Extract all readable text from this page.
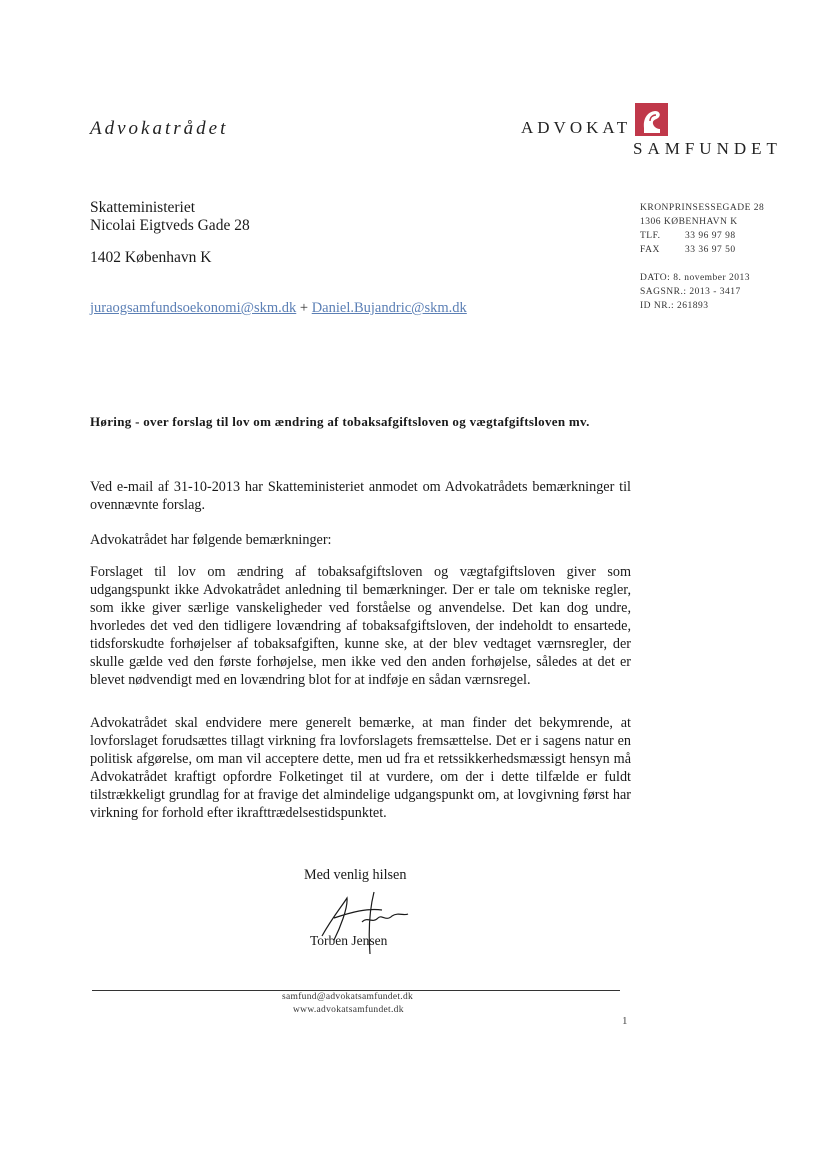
Advokatrådet	ADVOKAT
SAMFUNDET
Skatteministeriet
Nicolai Eigtveds Gade 28
1402 København K
juraogsamfundsoekonomi@skm.dk + Daniel.Bujandric@skm.dk
KRONPRINSESSEGADE 28
1306 KØBENHAVN K
TLF.	33 96 97 98
FAX	33 36 97 50
DATO: 8. november 2013
SAGSNR.: 2013 - 3417
ID NR.: 261893
Høring - over forslag til lov om ændring af tobaksafgiftsloven og vægtafgiftsloven mv.
Ved e-mail af 31-10-2013 har Skatteministeriet anmodet om Advokatrådets bemærkninger til ovennævnte forslag.
Advokatrådet har følgende bemærkninger:
Forslaget til lov om ændring af tobaksafgiftsloven og vægtafgiftsloven giver som udgangspunkt ikke Advokatrådet anledning til bemærkninger. Der er tale om tekniske regler, som ikke giver særlige vanskeligheder ved forståelse og anvendelse. Det kan dog undre, hvorledes det ved den tidligere lovændring af tobaksafgiftsloven, der indeholdt to ensartede, tidsforskudte forhøjelser af tobaksafgiften, kunne ske, at der blev vedtaget værnsregler, der skulle gælde ved den første forhøjelse, men ikke ved den anden forhøjelse, således at det er blevet nødvendigt med en lovændring blot for at indføje en sådan værnsregel.
Advokatrådet skal endvidere mere generelt bemærke, at man finder det bekymrende, at lovforslaget forudsættes tillagt virkning fra lovforslagets fremsættelse. Det er i sagens natur en politisk afgørelse, om man vil acceptere dette, men ud fra et retssikkerhedsmæssigt hensyn må Advokatrådet kraftigt opfordre Folketinget til at vurdere, om der i dette tilfælde er fuldt tilstrækkeligt grundlag for at fravige det almindelige udgangspunkt om, at lovgivning først har virkning for forhold efter ikrafttrædelsestidspunktet.
Med venlig hilsen
Torben Jensen
samfund@advokatsamfundet.dk
www.advokatsamfundet.dk
1
